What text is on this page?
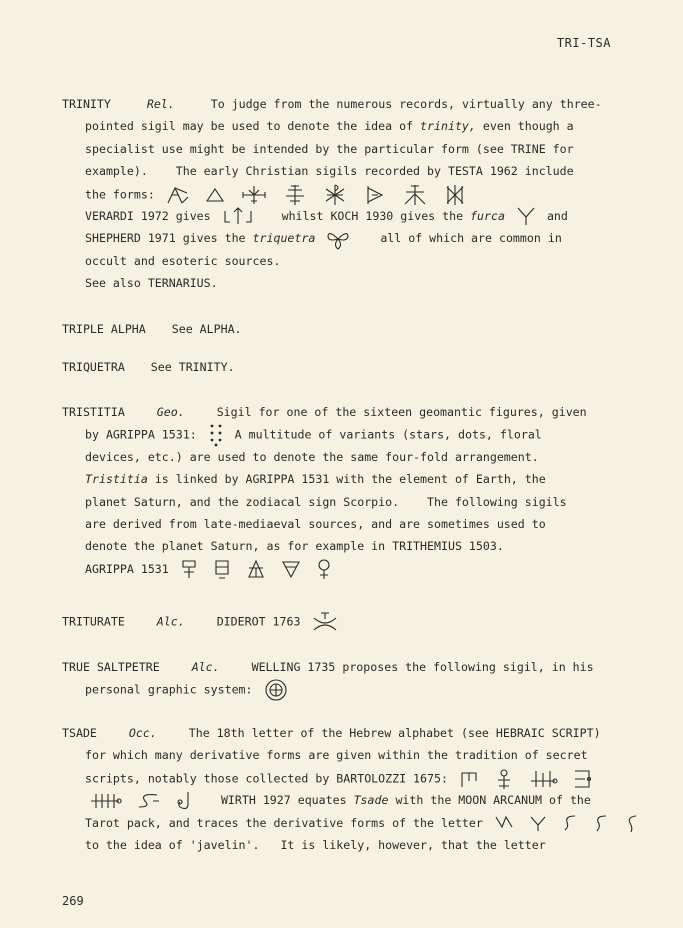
TRI-TSA
TRINITY	Rel.	To judge from the numerous records, virtually any three-
pointed sigil may be used to denote the idea of trinity, even though a
specialist use might be intended by the particular form (see TRINE for
example).    The early Christian sigils recorded by TESTA 1962 include
the forms:

VERARDI 1972 gives	whilst KOCH 1930 gives the furca	and
SHEPHERD 1971 gives the triquetra	all of which are common in
occult and esoteric sources.
See also TERNARIUS.
TRIPLE ALPHA See ALPHA.
TRIQUETRA See TRINITY.
TRISTITIA	Geo.	Sigil for one of the sixteen geomantic figures, given
by AGRIPPA 1531:	A multitude of variants (stars, dots, floral
devices, etc.) are used to denote the same four-fold arrangement.
Tristitia is linked by AGRIPPA 1531 with the element of Earth, the
planet Saturn, and the zodiacal sign Scorpio.    The following sigils
are derived from late-mediaeval sources, and are sometimes used to
denote the planet Saturn, as for example in TRITHEMIUS 1503.
AGRIPPA 1531

TRITURATE	Alc.	DIDEROT 1763
TRUE SALTPETRE	Alc.	WELLING 1735 proposes the following sigil, in his
personal graphic system:
TSADE	Occ.	The 18th letter of the Hebrew alphabet (see HEBRAIC SCRIPT)
for which many derivative forms are given within the tradition of secret
scripts, notably those collected by BARTOLOZZI 1675:

WIRTH 1927 equates Tsade with the MOON ARCANUM of the
Tarot pack, and traces the derivative forms of the letter

to the idea of 'javelin'.   It is likely, however, that the letter
269
